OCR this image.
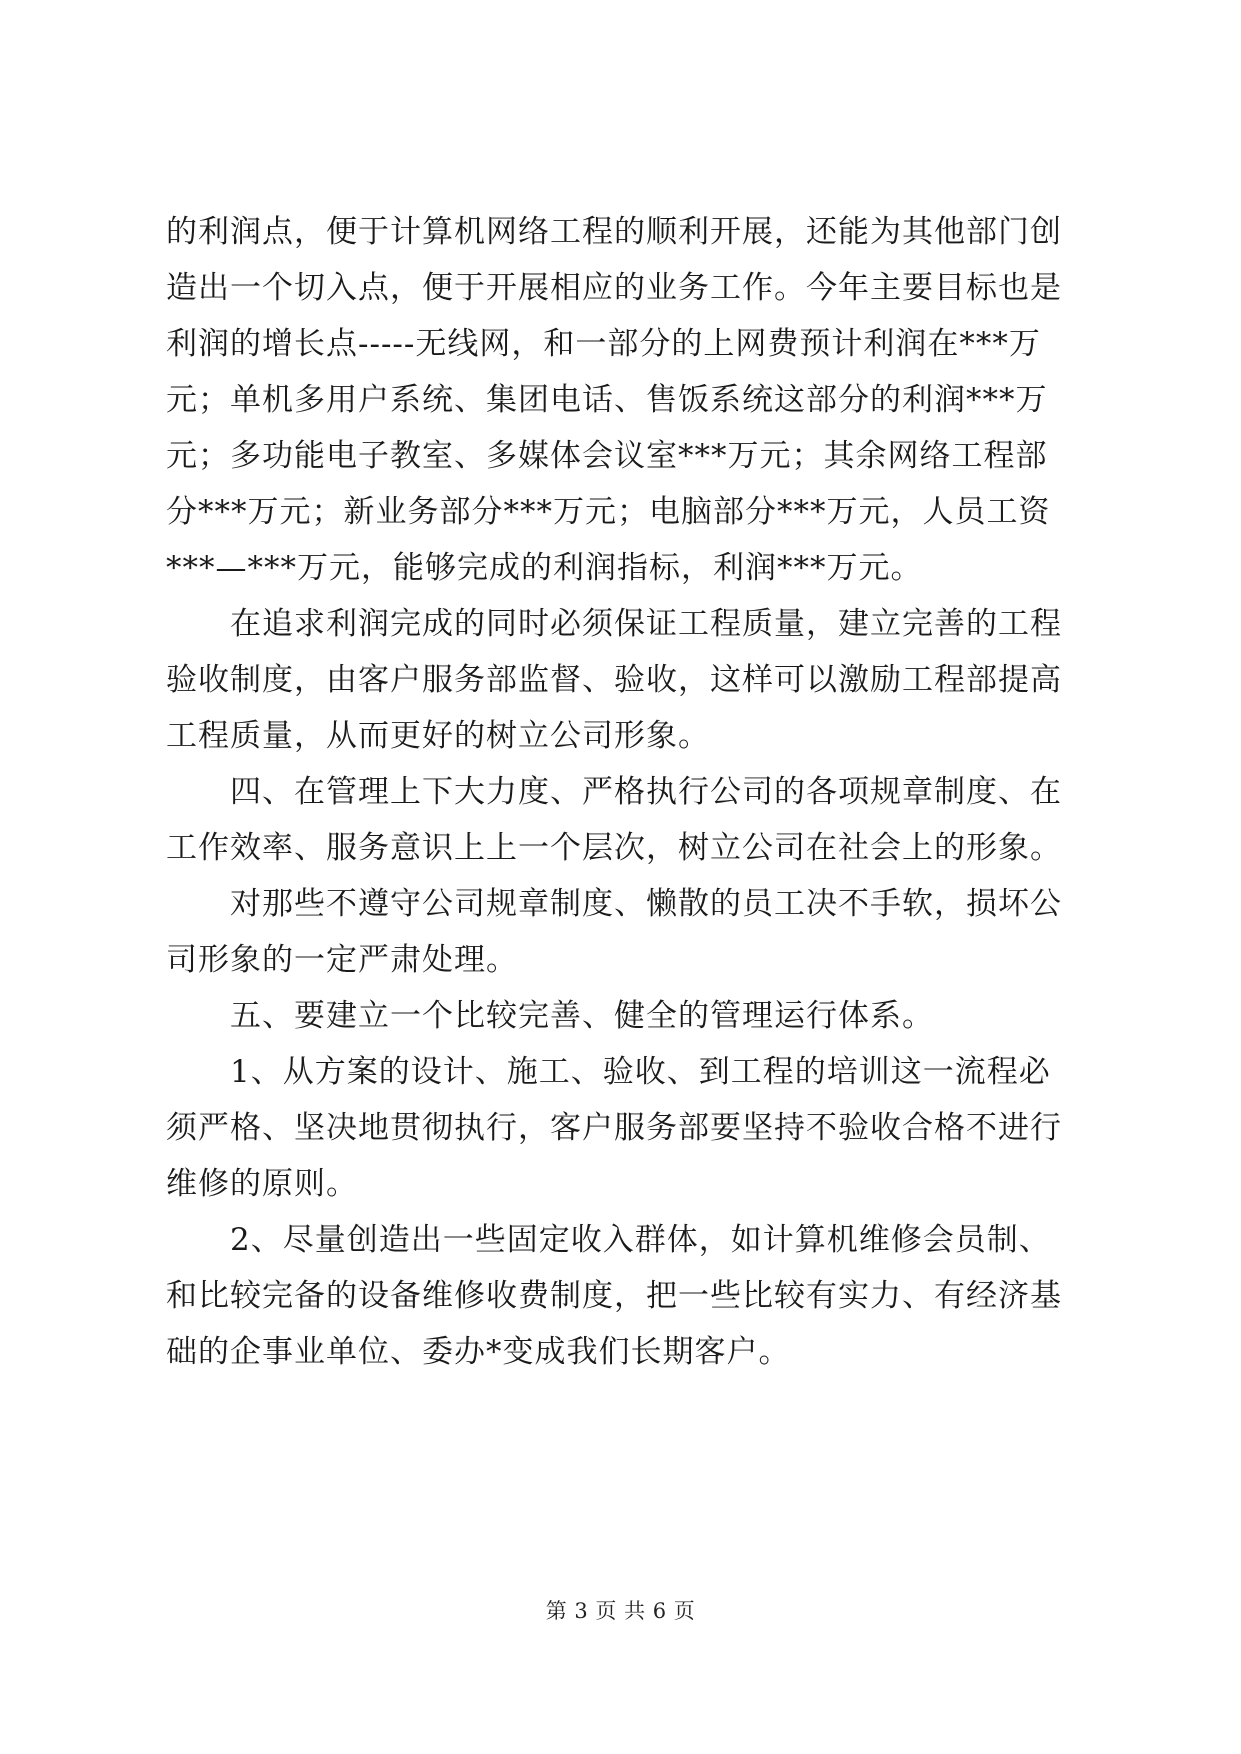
的利润点，便于计算机网络工程的顺利开展，还能为其他部门创
造出一个切入点，便于开展相应的业务工作。今年主要目标也是
利润的增长点-----无线网，和一部分的上网费预计利润在***万
元；单机多用户系统、集团电话、售饭系统这部分的利润***万
元；多功能电子教室、多媒体会议室***万元；其余网络工程部
分***万元；新业务部分***万元；电脑部分***万元，人员工资
***—***万元，能够完成的利润指标，利润***万元。
在追求利润完成的同时必须保证工程质量，建立完善的工程
验收制度，由客户服务部监督、验收，这样可以激励工程部提高
工程质量，从而更好的树立公司形象。
四、在管理上下大力度、严格执行公司的各项规章制度、在
工作效率、服务意识上上一个层次，树立公司在社会上的形象。
对那些不遵守公司规章制度、懒散的员工决不手软，损坏公
司形象的一定严肃处理。
五、要建立一个比较完善、健全的管理运行体系。
1、从方案的设计、施工、验收、到工程的培训这一流程必
须严格、坚决地贯彻执行，客户服务部要坚持不验收合格不进行
维修的原则。
2、尽量创造出一些固定收入群体，如计算机维修会员制、
和比较完备的设备维修收费制度，把一些比较有实力、有经济基
础的企事业单位、委办*变成我们长期客户。
第 3 页 共 6 页
